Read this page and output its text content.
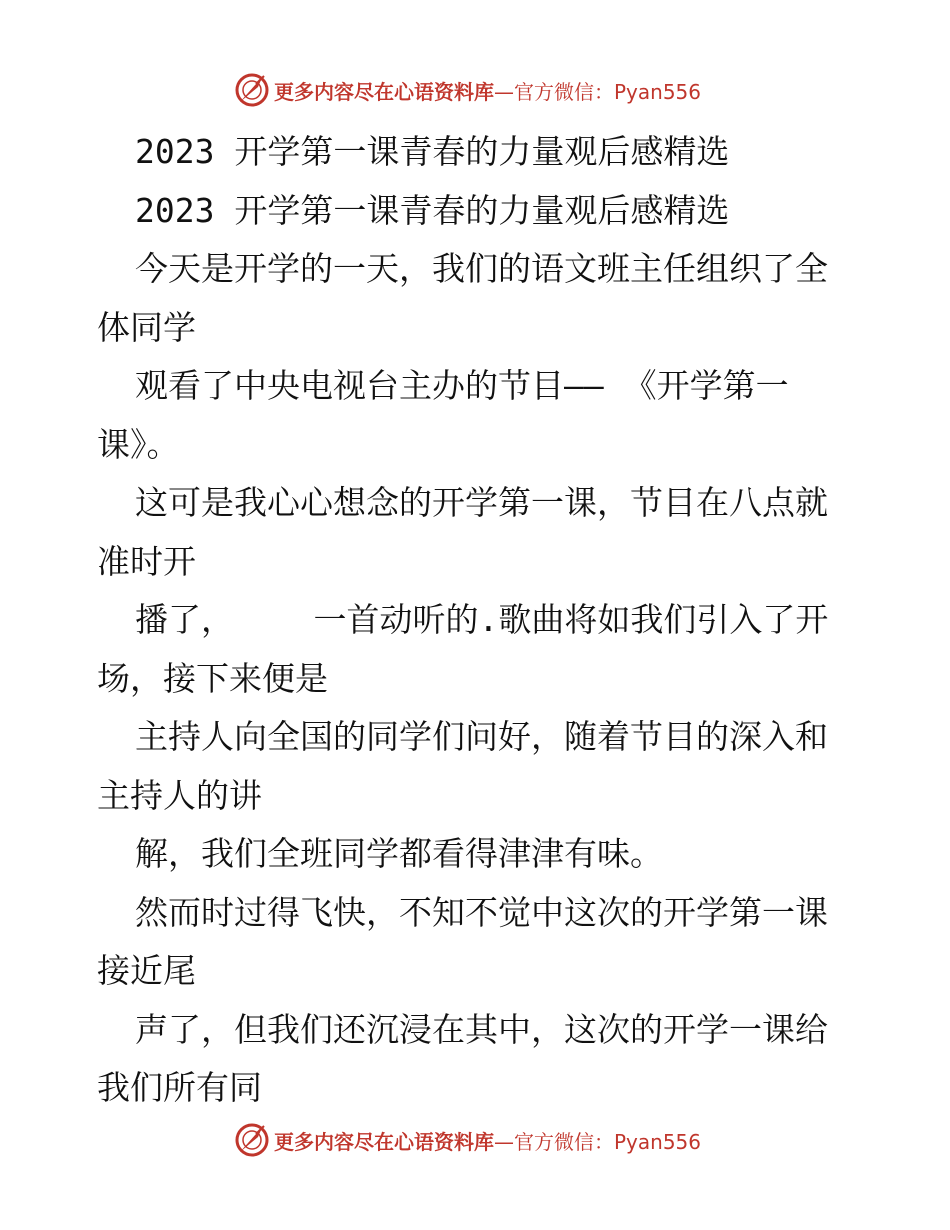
更多内容尽在心语资料库—官方微信：Pyan556
2023 开学第一课青春的力量观后感精选
2023 开学第一课青春的力量观后感精选
今天是开学的一天，我们的语文班主任组织了全
体同学
观看了中央电视台主办的节目—— 《开学第一
课》。
这可是我心心想念的开学第一课，节目在八点就
准时开
播了，    一首动听的.歌曲将如我们引入了开
场，接下来便是
主持人向全国的同学们问好，随着节目的深入和
主持人的讲
解，我们全班同学都看得津津有味。
然而时过得飞快，不知不觉中这次的开学第一课
接近尾
声了，但我们还沉浸在其中，这次的开学一课给
我们所有同
更多内容尽在心语资料库—官方微信：Pyan556
